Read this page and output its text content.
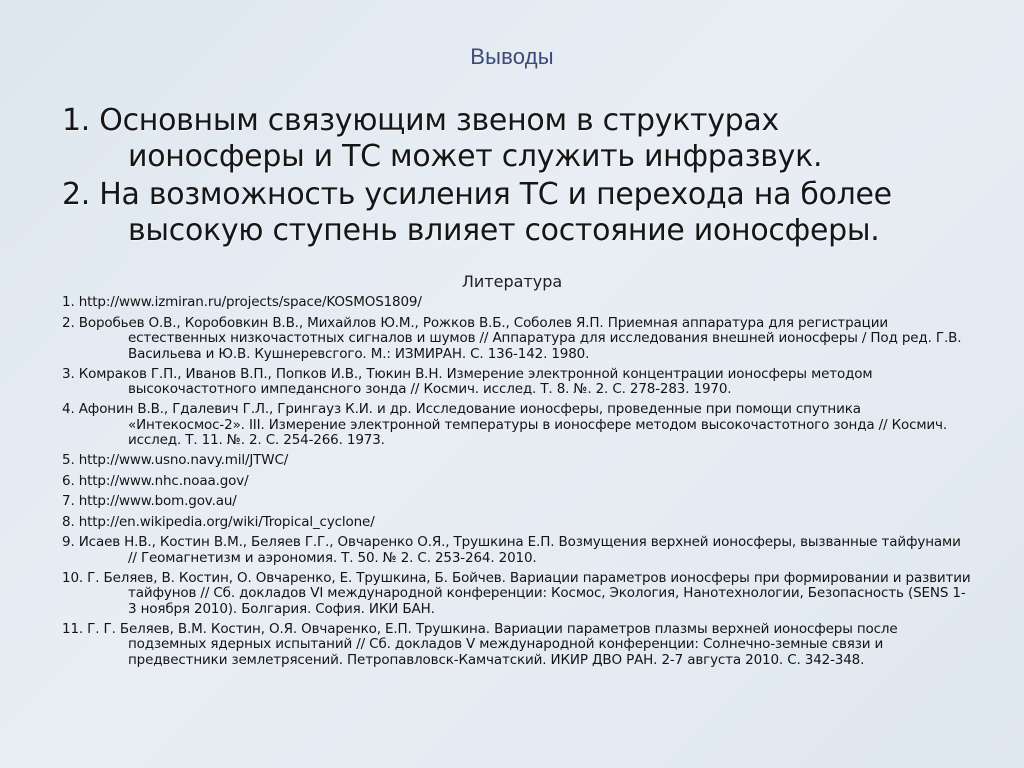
Выводы
1. Основным связующим звеном в структурах ионосферы и ТС может служить инфразвук.
2. На возможность усиления ТС и перехода на более высокую ступень влияет состояние ионосферы.
Литература
1. http://www.izmiran.ru/projects/space/KOSMOS1809/
2. Воробьев О.В., Коробовкин В.В., Михайлов Ю.М., Рожков В.Б., Соболев Я.П. Приемная аппаратура для регистрации естественных низкочастотных сигналов и шумов // Аппаратура для исследования внешней ионосферы / Под ред. Г.В. Васильева и Ю.В. Кушнеревсгого. М.: ИЗМИРАН. С. 136-142. 1980.
3. Комраков Г.П., Иванов В.П., Попков И.В., Тюкин В.Н. Измерение электронной концентрации ионосферы методом высокочастотного импедансного зонда // Космич. исслед. Т. 8. №. 2. С. 278-283. 1970.
4. Афонин В.В., Гдалевич Г.Л., Грингауз К.И. и др. Исследование ионосферы, проведенные при помощи спутника «Интекосмос-2». III. Измерение электронной температуры в ионосфере методом высокочастотного зонда // Космич. исслед. Т. 11. №. 2. С. 254-266. 1973.
5. http://www.usno.navy.mil/JTWC/
6. http://www.nhc.noaa.gov/
7. http://www.bom.gov.au/
8. http://en.wikipedia.org/wiki/Tropical_cyclone/
9. Исаев Н.В., Костин В.М., Беляев Г.Г., Овчаренко О.Я., Трушкина Е.П. Возмущения верхней ионосферы, вызванные тайфунами // Геомагнетизм и аэрономия. Т. 50. № 2. С. 253-264. 2010.
10. Г. Беляев, В. Костин, О. Овчаренко, Е. Трушкина, Б. Бойчев. Вариации параметров ионосферы при формировании и развитии тайфунов // Сб. докладов VI международной конференции: Космос, Экология, Нанотехнологии, Безопасность (SENS 1-3 ноября 2010). Болгария. София. ИКИ БАН.
11. Г. Г. Беляев, В.М. Костин, О.Я. Овчаренко, Е.П. Трушкина. Вариации параметров плазмы верхней ионосферы после подземных ядерных испытаний // Сб. докладов V международной конференции: Солнечно-земные связи и предвестники землетрясений. Петропавловск-Камчатский. ИКИР ДВО РАН. 2-7 августа 2010. С. 342-348.
